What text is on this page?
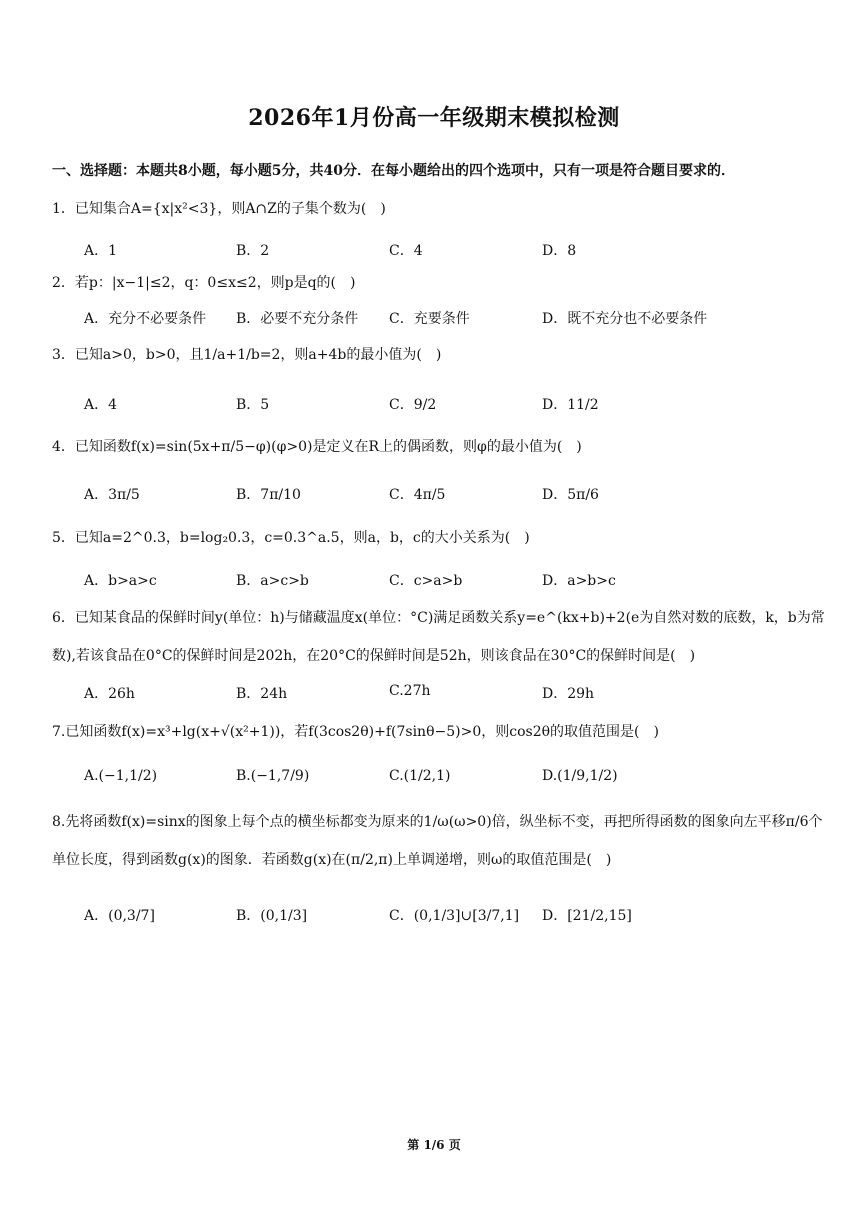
2026年1月份高一年级期末模拟检测
一、选择题：本题共8小题，每小题5分，共40分．在每小题给出的四个选项中，只有一项是符合题目要求的．
1．已知集合A={x|x²<3}，则A∩Z的子集个数为(　)
A．1	B．2	C．4	D．8
2．若p：|x−1|≤2，q：0≤x≤2，则p是q的(　)
A．充分不必要条件 B．必要不充分条件 C．充要条件	D．既不充分也不必要条件
3．已知a>0，b>0，且1/a+1/b=2，则a+4b的最小值为(　)
A．4	B．5	C．9/2	D．11/2
4．已知函数f(x)=sin(5x+π/5−φ)(φ>0)是定义在R上的偶函数，则φ的最小值为(　)
A．3π/5	B．7π/10	C．4π/5	D．5π/6
5．已知a=2^0.3，b=log₂0.3，c=0.3^a.5，则a，b，c的大小关系为(　)
A．b>a>c	B．a>c>b	C．c>a>b	D．a>b>c
6．已知某食品的保鲜时间y(单位：h)与储藏温度x(单位：°C)满足函数关系y=e^(kx+b)+2(e为自然对数的底数，k，b为常数),若该食品在0°C的保鲜时间是202h，在20°C的保鲜时间是52h，则该食品在30°C的保鲜时间是(　)
A．26h	B．24h	C.27h	D．29h
7.已知函数f(x)=x³+lg(x+√(x²+1))，若f(3cos2θ)+f(7sinθ−5)>0，则cos2θ的取值范围是(　)
A.(−1,1/2)	B.(−1,7/9)	C.(1/2,1)	D.(1/9,1/2)
8.先将函数f(x)=sinx的图象上每个点的横坐标都变为原来的1/ω(ω>0)倍，纵坐标不变，再把所得函数的图象向左平移π/6个单位长度，得到函数g(x)的图象．若函数g(x)在(π/2,π)上单调递增，则ω的取值范围是(　)
A．(0,3/7]	B．(0,1/3]	C．(0,1/3]∪[3/7,1] D．[21/2,15]
第 1/6 页
